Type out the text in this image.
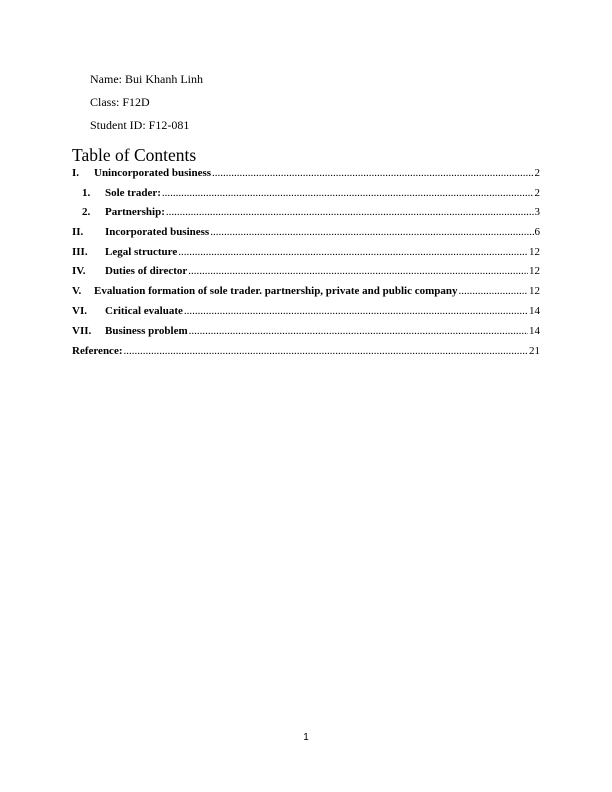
Name: Bui Khanh Linh
Class: F12D
Student ID: F12-081
Table of Contents
I.	Unincorporated business .....	2
1.	Sole trader: .....	2
2.	Partnership: .....	3
II.	Incorporated business .....	6
III.	Legal structure .....	12
IV.	Duties of director .....	12
V.	Evaluation formation of sole trader. partnership, private and public company .....	12
VI.	Critical evaluate .....	14
VII.	Business problem .....	14
Reference: .....	21
1
